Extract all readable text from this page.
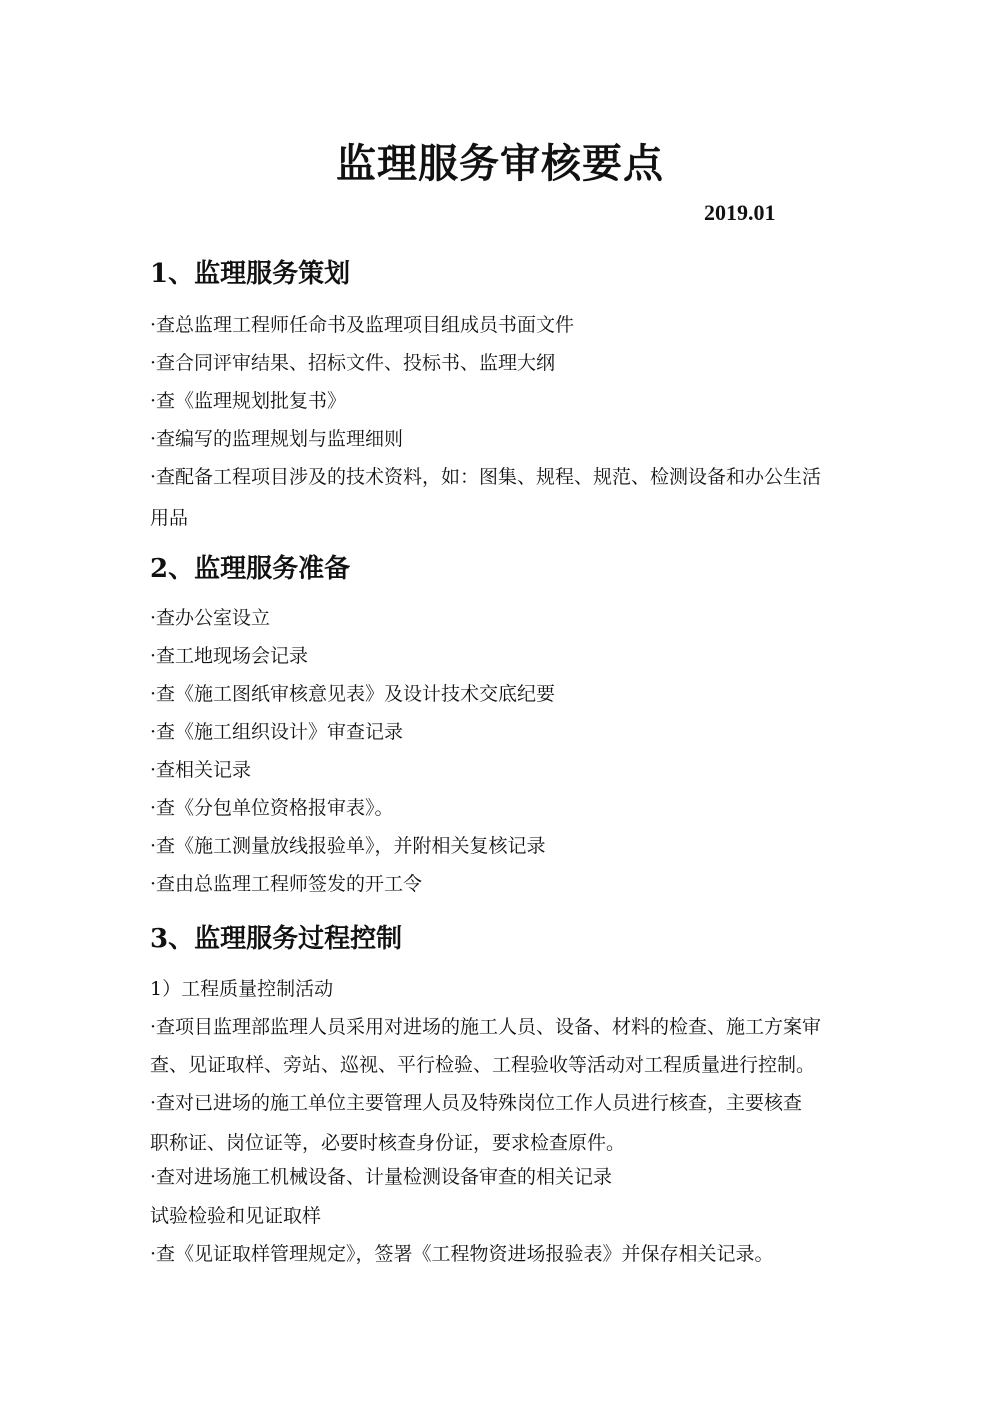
监理服务审核要点
2019.01
1、监理服务策划

·查总监理工程师任命书及监理项目组成员书面文件

·查合同评审结果、招标文件、投标书、监理大纲

·查《监理规划批复书》

·查编写的监理规划与监理细则

·查配备工程项目涉及的技术资料，如：图集、规程、规范、检测设备和办公生活

用品

2、监理服务准备

·查办公室设立

·查工地现场会记录

·查《施工图纸审核意见表》及设计技术交底纪要

·查《施工组织设计》审查记录

·查相关记录

·查《分包单位资格报审表》。

·查《施工测量放线报验单》，并附相关复核记录

·查由总监理工程师签发的开工令

3、监理服务过程控制

1）工程质量控制活动

·查项目监理部监理人员采用对进场的施工人员、设备、材料的检查、施工方案审

查、见证取样、旁站、巡视、平行检验、工程验收等活动对工程质量进行控制。

·查对已进场的施工单位主要管理人员及特殊岗位工作人员进行核查，主要核查

职称证、岗位证等，必要时核查身份证，要求检查原件。

·查对进场施工机械设备、计量检测设备审查的相关记录

试验检验和见证取样

·查《见证取样管理规定》，签署《工程物资进场报验表》并保存相关记录。
